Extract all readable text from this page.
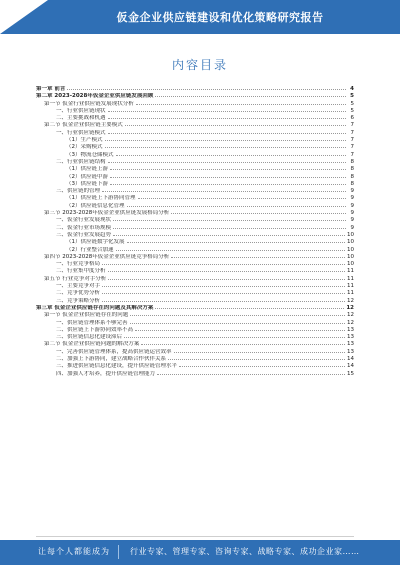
仮金企业供应链建设和优化策略研究报告
内容目录
第一章 前言	4
第二章 2023-2028年仮金企业供应链发展回顾	5
第一节 仮金行业供应链发展现状分析	5
一、行业供应链现状	5
二、主要挑战和机遇	6
第二节 仮金企业供应链主要模式	7
一、行业供应链模式	7
（1）生产模式	7
（2）采购模式	7
（3）物流仓储模式	7
二、行业供应链结构	8
（1）供应链上游	8
（2）供应链中游	8
（3）供应链下游	8
三、供应链的管理	9
（1）供应链上下游协同管理	9
（2）供应链信息化管理	9
第三节 2023-2028年仮金企业供应链发展格局分析	9
一、仮金行业发展现状	9
二、仮金行业市场规模	9
三、仮金行业发展趋势	10
（1）供应链数字化发展	10
（2）行业整合加速	10
第四节 2023-2028年仮金企业供应链竞争格局分析	10
一、行业竞争格局	10
二、行业集中度分析	11
第五节 行业竞争对手分析	11
一、主要竞争对手	11
二、竞争优势分析	11
三、竞争策略分析	12
第三章 仮金企业供应链存在的问题及其解决方案	12
第一节 仮金企业供应链存在的问题	12
一、供应链管理体系不够完善	12
二、供应链上下游协同效率不高	13
三、供应链信息化建设滞后	13
第二节 仮金企业供应链问题的解决方案	13
一、完善供应链管理体系，提高供应链运营效率	13
二、加强上下游协同，建立战略合作伙伴关系	14
三、推进供应链信息化建设，提升供应链管理水平	14
四、加强人才培养，提升供应链管理能力	15
让每个人都能成为	行业专家、管理专家、咨询专家、战略专家、成功企业家……
